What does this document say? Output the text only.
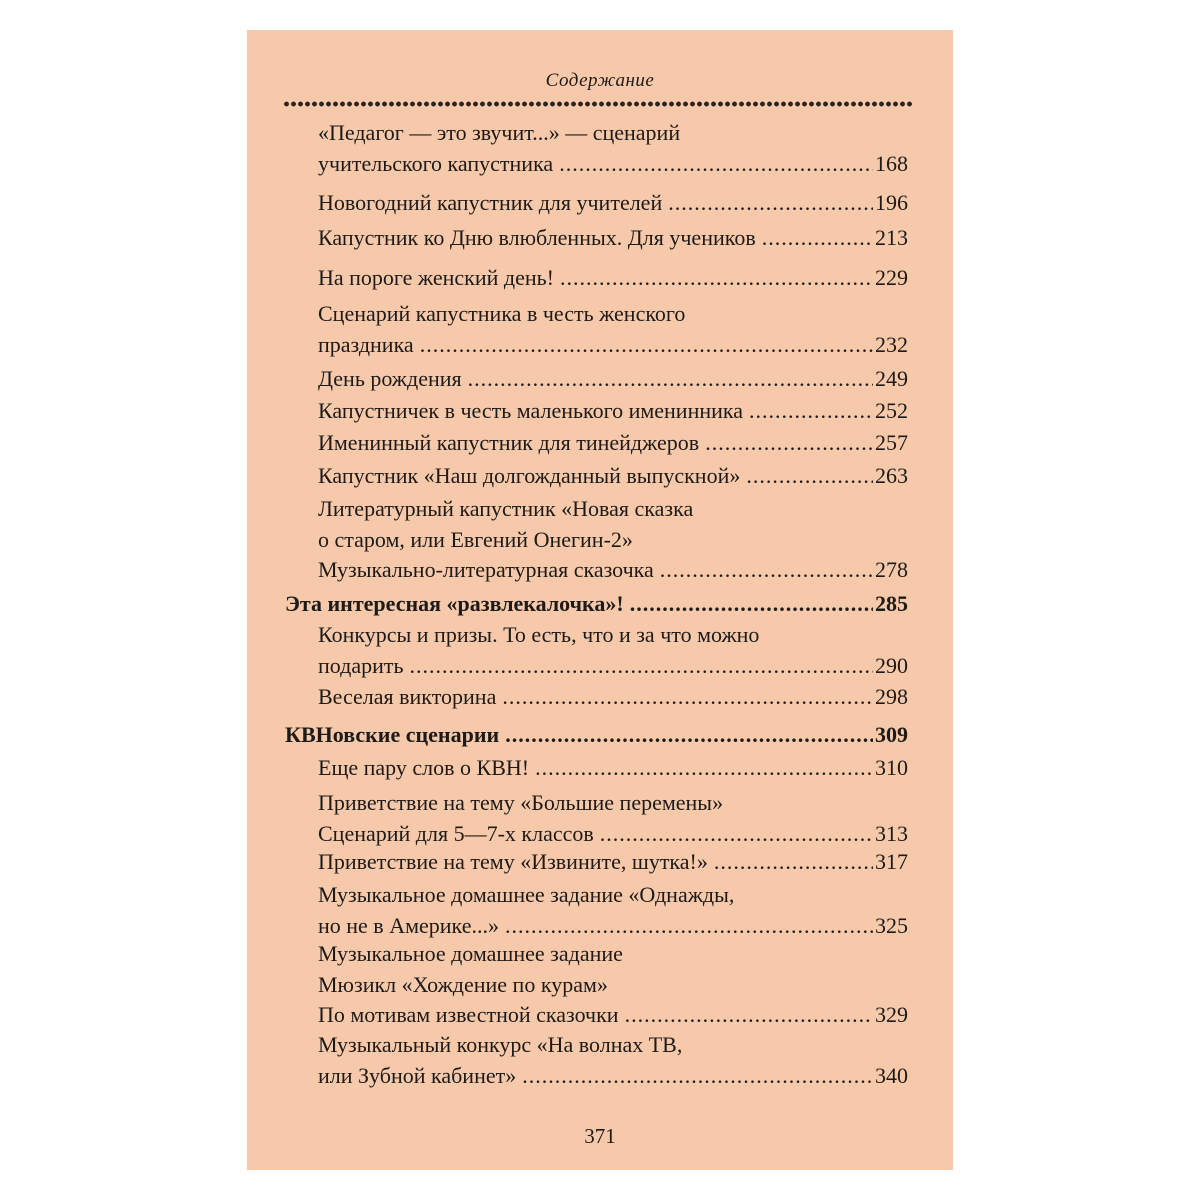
Содержание
«Педагог — это звучит...» — сценарий
учительского капустника .....	168
Новогодний капустник для учителей .....	196
Капустник ко Дню влюбленных. Для учеников .....	213
На пороге женский день! .....	229
Сценарий капустника в честь женского
праздника .....	232
День рождения .....	249
Капустничек в честь маленького именинника .....	252
Именинный капустник для тинейджеров .....	257
Капустник «Наш долгожданный выпускной» .....	263
Литературный капустник «Новая сказка
о старом, или Евгений Онегин-2»
Музыкально-литературная сказочка .....	278
Эта интересная «развлекалочка»! .....	285
Конкурсы и призы. То есть, что и за что можно
подарить .....	290
Веселая викторина .....	298
КВНовские сценарии .....	309
Еще пару слов о КВН! .....	310
Приветствие на тему «Большие перемены»
Сценарий для 5—7-х классов .....	313
Приветствие на тему «Извините, шутка!» .....	317
Музыкальное домашнее задание «Однажды,
но не в Америке...» .....	325
Музыкальное домашнее задание
Мюзикл «Хождение по курам»
По мотивам известной сказочки .....	329
Музыкальный конкурс «На волнах ТВ,
или Зубной кабинет» .....	340
371
